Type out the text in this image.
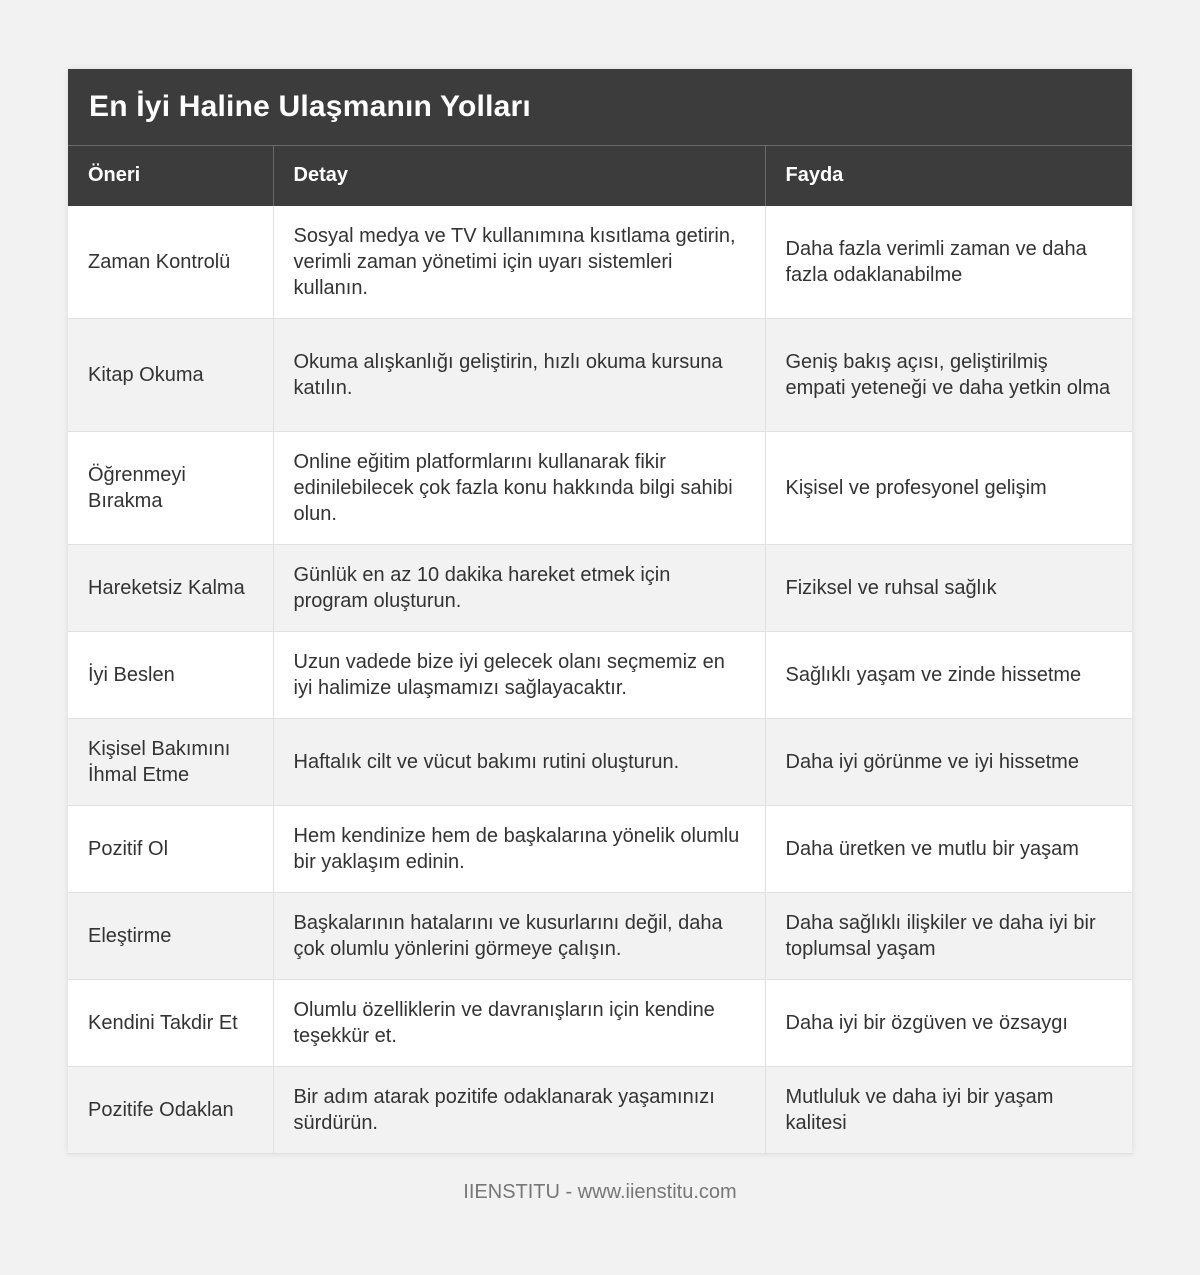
En İyi Haline Ulaşmanın Yolları
Öneri	Detay	Fayda
Zaman Kontrolü	Sosyal medya ve TV kullanımına kısıtlama getirin, verimli zaman yönetimi için uyarı sistemleri kullanın.	Daha fazla verimli zaman ve daha fazla odaklanabilme
Kitap Okuma	Okuma alışkanlığı geliştirin, hızlı okuma kursuna katılın.	Geniş bakış açısı, geliştirilmiş empati yeteneği ve daha yetkin olma
Öğrenmeyi Bırakma	Online eğitim platformlarını kullanarak fikir edinilebilecek çok fazla konu hakkında bilgi sahibi olun.	Kişisel ve profesyonel gelişim
Hareketsiz Kalma	Günlük en az 10 dakika hareket etmek için program oluşturun.	Fiziksel ve ruhsal sağlık
İyi Beslen	Uzun vadede bize iyi gelecek olanı seçmemiz en iyi halimize ulaşmamızı sağlayacaktır.	Sağlıklı yaşam ve zinde hissetme
Kişisel Bakımını İhmal Etme	Haftalık cilt ve vücut bakımı rutini oluşturun.	Daha iyi görünme ve iyi hissetme
Pozitif Ol	Hem kendinize hem de başkalarına yönelik olumlu bir yaklaşım edinin.	Daha üretken ve mutlu bir yaşam
Eleştirme	Başkalarının hatalarını ve kusurlarını değil, daha çok olumlu yönlerini görmeye çalışın.	Daha sağlıklı ilişkiler ve daha iyi bir toplumsal yaşam
Kendini Takdir Et	Olumlu özelliklerin ve davranışların için kendine teşekkür et.	Daha iyi bir özgüven ve özsaygı
Pozitife Odaklan	Bir adım atarak pozitife odaklanarak yaşamınızı sürdürün.	Mutluluk ve daha iyi bir yaşam kalitesi
IIENSTITU - www.iienstitu.com
